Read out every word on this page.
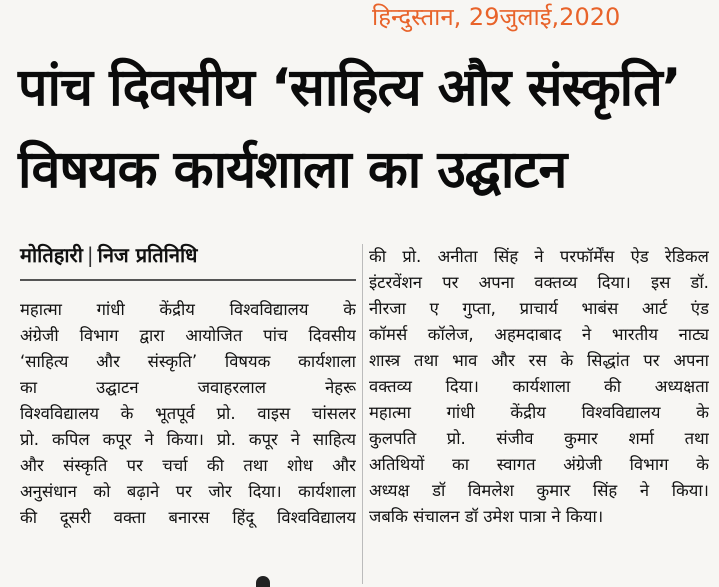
हिन्दुस्तान, 29जुलाई,2020
पांच दिवसीय ‘साहित्य और संस्कृति’
विषयक कार्यशाला का उद्घाटन
मोतिहारी | निज प्रतिनिधि
महात्मा गांधी केंद्रीय विश्वविद्यालय के
अंग्रेजी विभाग द्वारा आयोजित पांच दिवसीय
‘साहित्य और संस्कृति’ विषयक कार्यशाला
का	उद्घाटन	जवाहरलाल	नेहरू
विश्वविद्यालय के भूतपूर्व प्रो. वाइस चांसलर
प्रो. कपिल कपूर ने किया। प्रो. कपूर ने साहित्य
और संस्कृति पर चर्चा की तथा शोध और
अनुसंधान को बढ़ाने पर जोर दिया। कार्यशाला
की दूसरी वक्ता बनारस हिंदू विश्वविद्यालय
की प्रो. अनीता सिंह ने परफॉर्मेंस ऐड रेडिकल
इंटरवेंशन पर अपना वक्तव्य दिया। इस डॉ.
नीरजा ए गुप्ता, प्राचार्य भाबंस आर्ट एंड
कॉमर्स कॉलेज, अहमदाबाद ने भारतीय नाट्य
शास्त्र तथा भाव और रस के सिद्धांत पर अपना
वक्तव्य दिया। कार्यशाला की अध्यक्षता
महात्मा गांधी केंद्रीय विश्वविद्यालय के
कुलपति प्रो. संजीव कुमार शर्मा तथा
अतिथियों का स्वागत अंग्रेजी विभाग के
अध्यक्ष डॉ विमलेश कुमार सिंह ने किया।
जबकि संचालन डॉ उमेश पात्रा ने किया।
